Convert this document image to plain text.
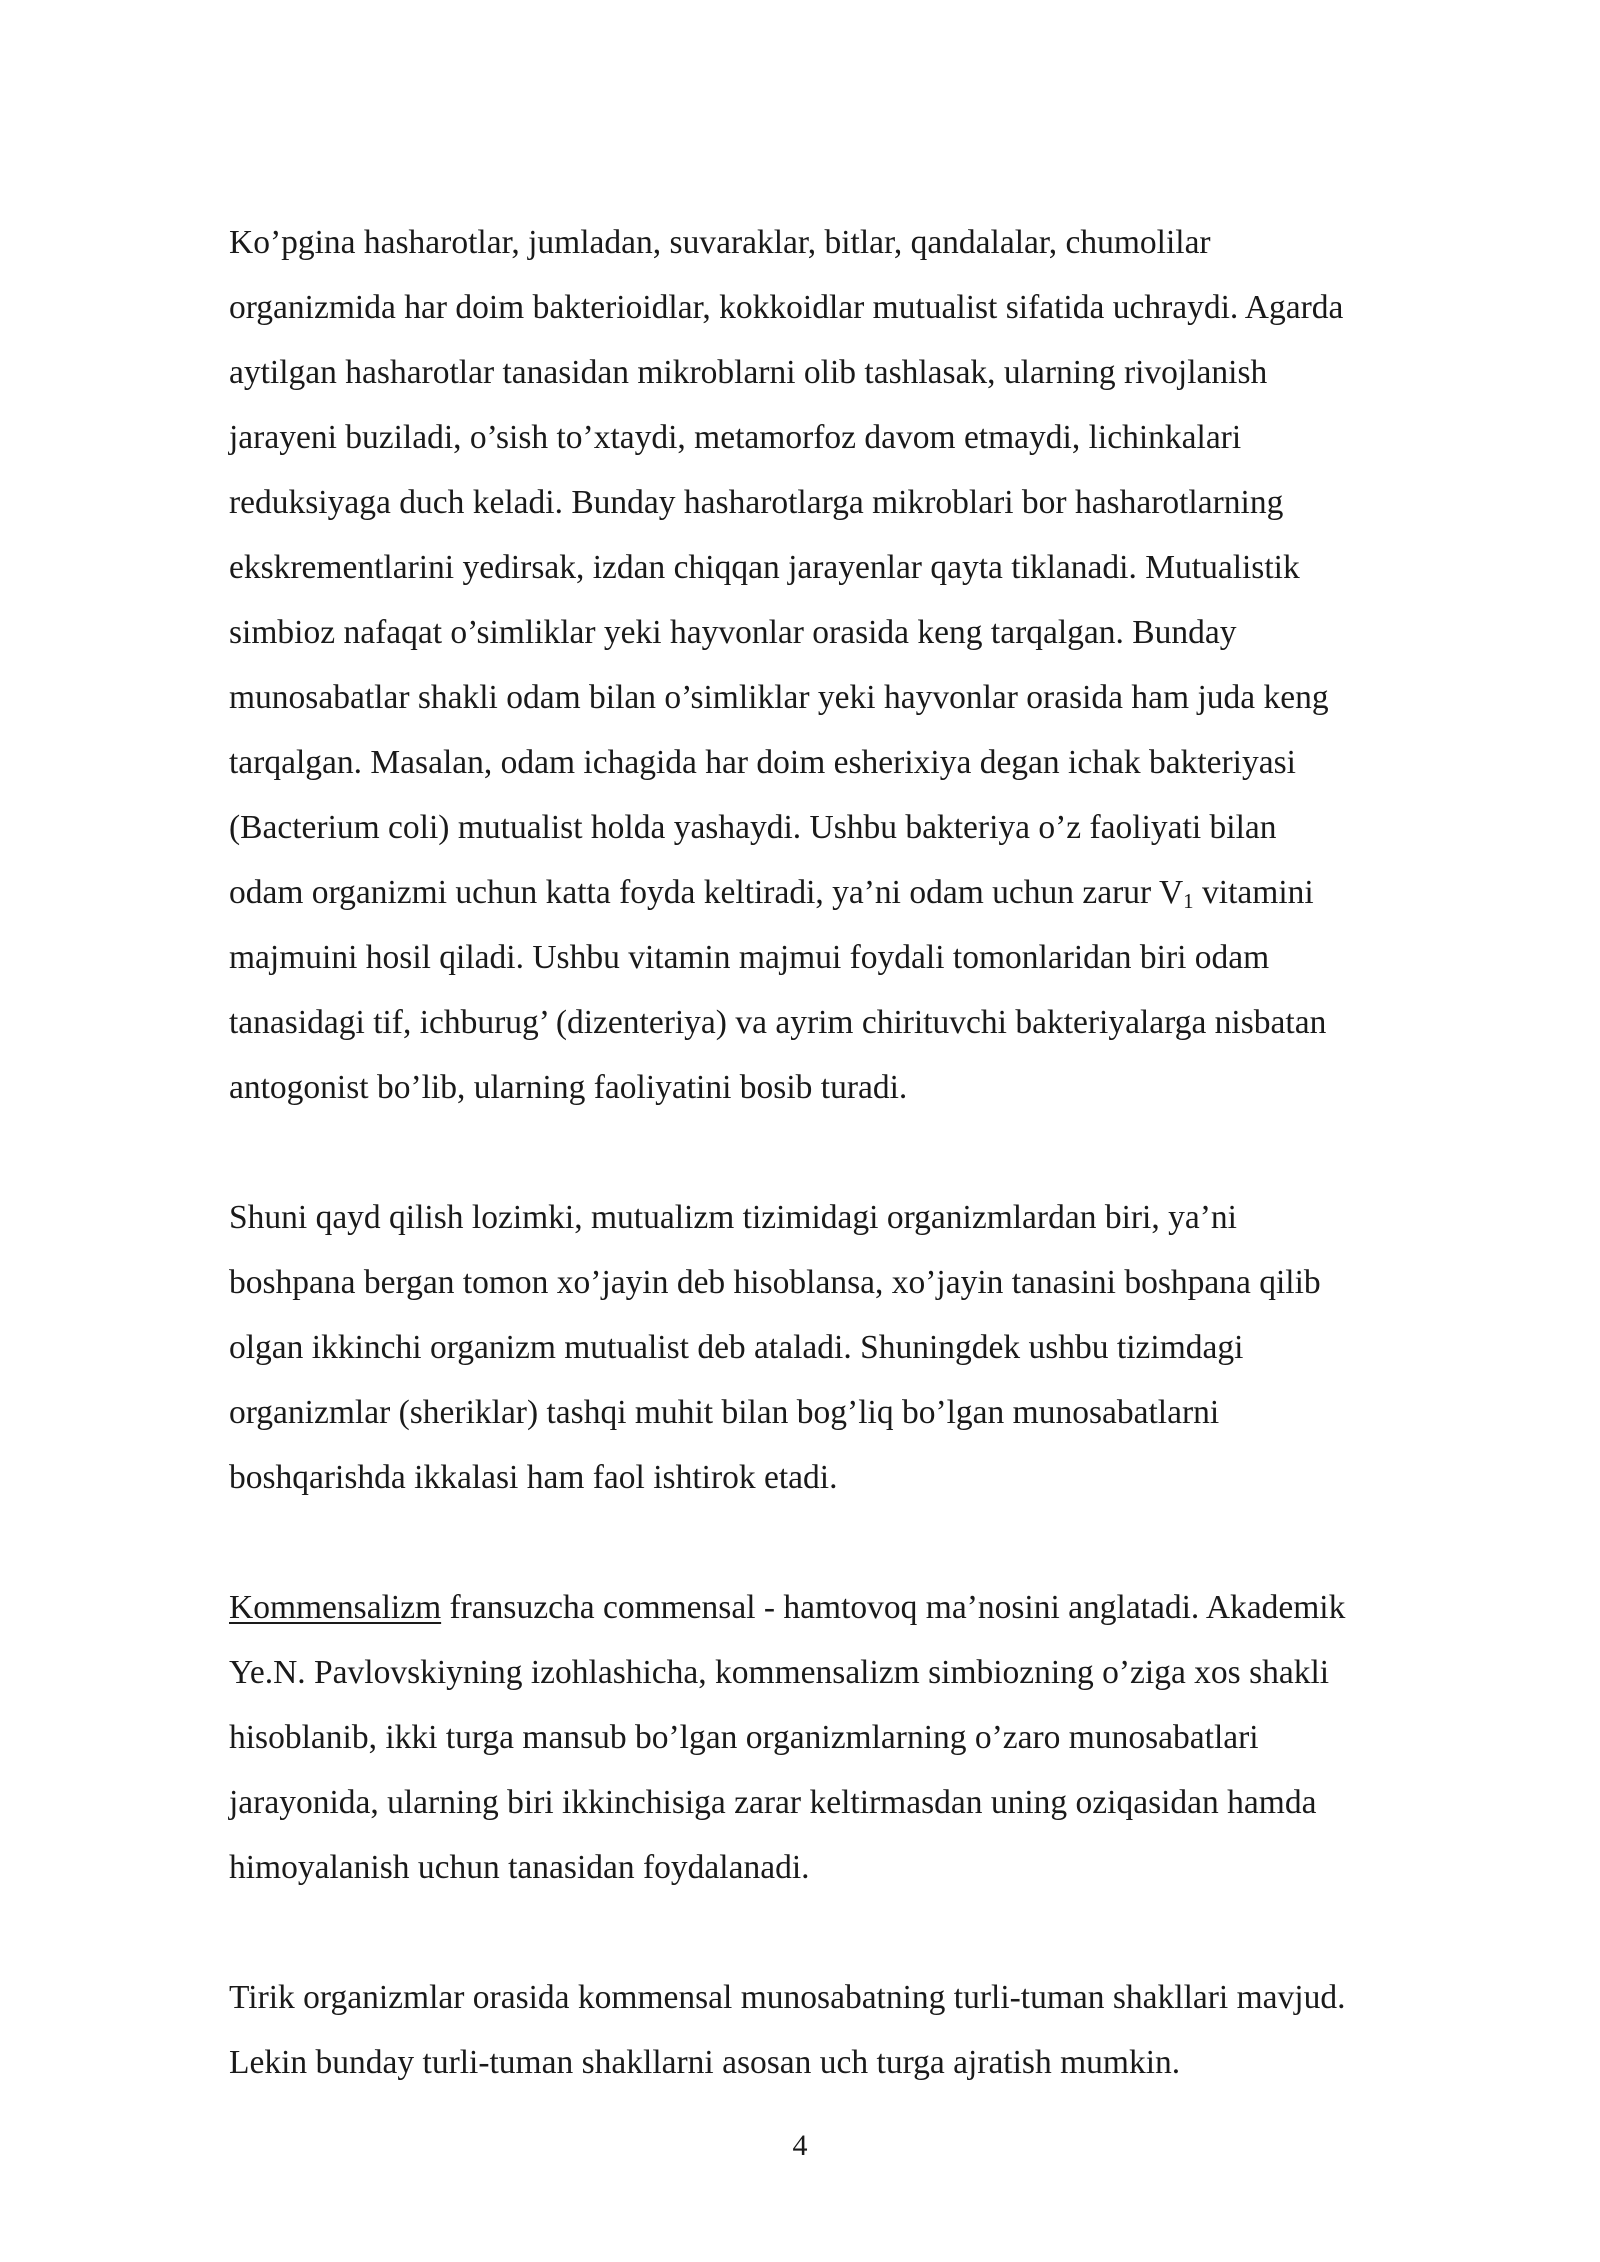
Ko’pgina hasharotlar, jumladan, suvaraklar, bitlar, qandalalar, chumolilar
organizmida har doim bakterioidlar, kokkoidlar mutualist sifatida uchraydi. Agarda
aytilgan hasharotlar tanasidan mikroblarni olib tashlasak, ularning rivojlanish
jarayeni buziladi, o’sish to’xtaydi, metamorfoz davom etmaydi, lichinkalari
reduksiyaga duch keladi. Bunday hasharotlarga mikroblari bor hasharotlarning
ekskrementlarini yedirsak, izdan chiqqan jarayenlar qayta tiklanadi. Mutualistik
simbioz nafaqat o’simliklar yeki hayvonlar orasida keng tarqalgan. Bunday
munosabatlar shakli odam bilan o’simliklar yeki hayvonlar orasida ham juda keng
tarqalgan. Masalan, odam ichagida har doim esherixiya degan ichak bakteriyasi
(Bacterium coli) mutualist holda yashaydi. Ushbu bakteriya o’z faoliyati bilan
odam organizmi uchun katta foyda keltiradi, ya’ni odam uchun zarur $V_1$ vitamini
majmuini hosil qiladi. Ushbu vitamin majmui foydali tomonlaridan biri odam
tanasidagi tif, ichburug’ (dizenteriya) va ayrim chirituvchi bakteriyalarga nisbatan
antogonist bo’lib, ularning faoliyatini bosib turadi.
Shuni qayd qilish lozimki, mutualizm tizimidagi organizmlardan biri, ya’ni
boshpana bergan tomon xo’jayin deb hisoblansa, xo’jayin tanasini boshpana qilib
olgan ikkinchi organizm mutualist deb ataladi. Shuningdek ushbu tizimdagi
organizmlar (sheriklar) tashqi muhit bilan bog’liq bo’lgan munosabatlarni
boshqarishda ikkalasi ham faol ishtirok etadi.
Kommensalizm fransuzcha commensal - hamtovoq ma’nosini anglatadi. Akademik
Ye.N. Pavlovskiyning izohlashicha, kommensalizm simbiozning o’ziga xos shakli
hisoblanib, ikki turga mansub bo’lgan organizmlarning o’zaro munosabatlari
jarayonida, ularning biri ikkinchisiga zarar keltirmasdan uning oziqasidan hamda
himoyalanish uchun tanasidan foydalanadi.
Tirik organizmlar orasida kommensal munosabatning turli-tuman shakllari mavjud.
Lekin bunday turli-tuman shakllarni asosan uch turga ajratish mumkin.
4
